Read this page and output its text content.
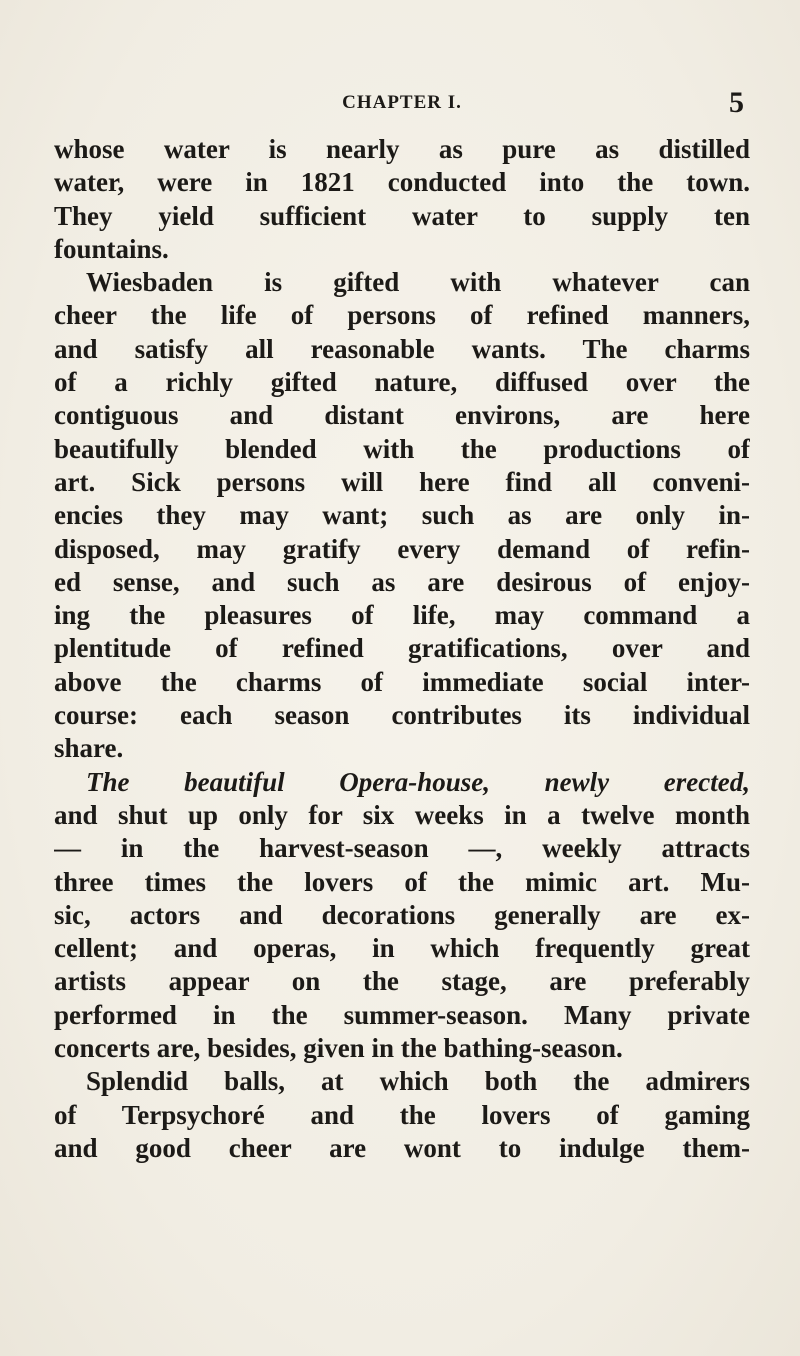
CHAPTER I.	5
whose water is nearly as pure as distilled
water, were in 1821 conducted into the town.
They yield sufficient water to supply ten
fountains.
Wiesbaden is gifted with whatever can
cheer the life of persons of refined manners,
and satisfy all reasonable wants. The charms
of a richly gifted nature, diffused over the
contiguous and distant environs, are here
beautifully blended with the productions of
art. Sick persons will here find all conveni-
encies they may want; such as are only in-
disposed, may gratify every demand of refin-
ed sense, and such as are desirous of enjoy-
ing the pleasures of life, may command a
plentitude of refined gratifications, over and
above the charms of immediate social inter-
course: each season contributes its individual
share.
The beautiful Opera-house, newly erected,
and shut up only for six weeks in a twelve month
— in the harvest-season —, weekly attracts
three times the lovers of the mimic art. Mu-
sic, actors and decorations generally are ex-
cellent; and operas, in which frequently great
artists appear on the stage, are preferably
performed in the summer-season. Many private
concerts are, besides, given in the bathing-season.
Splendid balls, at which both the admirers
of Terpsychoré and the lovers of gaming
and good cheer are wont to indulge them-
